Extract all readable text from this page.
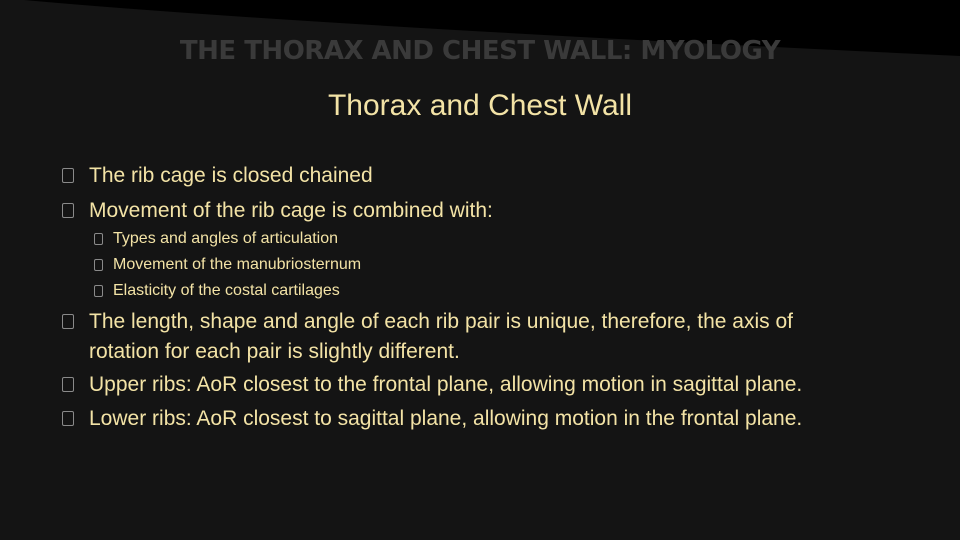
THE THORAX AND CHEST WALL: MYOLOGY
Thorax and Chest Wall
The rib cage is closed chained
Movement of the rib cage is combined with:
Types and angles of articulation
Movement of the manubriosternum
Elasticity of the costal cartilages
The length, shape and angle of each rib pair is unique, therefore, the axis of
rotation for each pair is slightly different.
Upper ribs: AoR closest to the frontal plane, allowing motion in sagittal plane.
Lower ribs: AoR closest to sagittal plane, allowing motion in the frontal plane.
